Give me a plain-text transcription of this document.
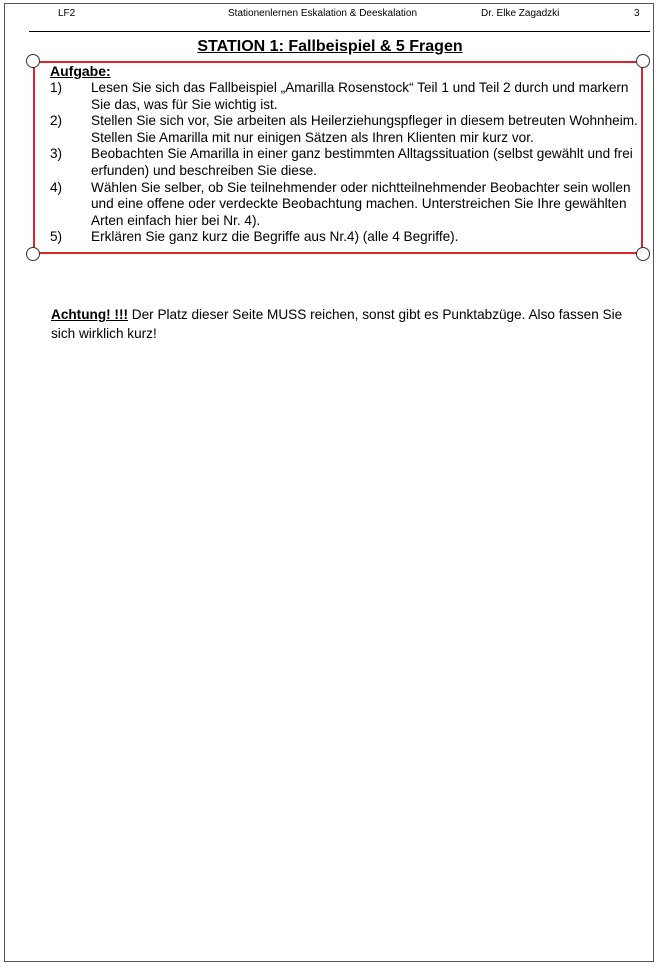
LF2	Stationenlernen Eskalation & Deeskalation	Dr. Elke Zagadzki	3
STATION 1: Fallbeispiel & 5 Fragen
Aufgabe:
1)	Lesen Sie sich das Fallbeispiel „Amarilla Rosenstock“ Teil 1 und Teil 2 durch und markern Sie das, was für Sie wichtig ist.
2)	Stellen Sie sich vor, Sie arbeiten als Heilerziehungspfleger in diesem betreuten Wohnheim. Stellen Sie Amarilla mit nur einigen Sätzen als Ihren Klienten mir kurz vor.
3)	Beobachten Sie Amarilla in einer ganz bestimmten Alltagssituation (selbst gewählt und frei erfunden) und beschreiben Sie diese.
4)	Wählen Sie selber, ob Sie teilnehmender oder nichtteilnehmender Beobachter sein wollen und eine offene oder verdeckte Beobachtung machen. Unterstreichen Sie Ihre gewählten Arten einfach hier bei Nr. 4).
5)	Erklären Sie ganz kurz die Begriffe aus Nr.4) (alle 4 Begriffe).
Achtung! !!! Der Platz dieser Seite MUSS reichen, sonst gibt es Punktabzüge. Also fassen Sie sich wirklich kurz!
